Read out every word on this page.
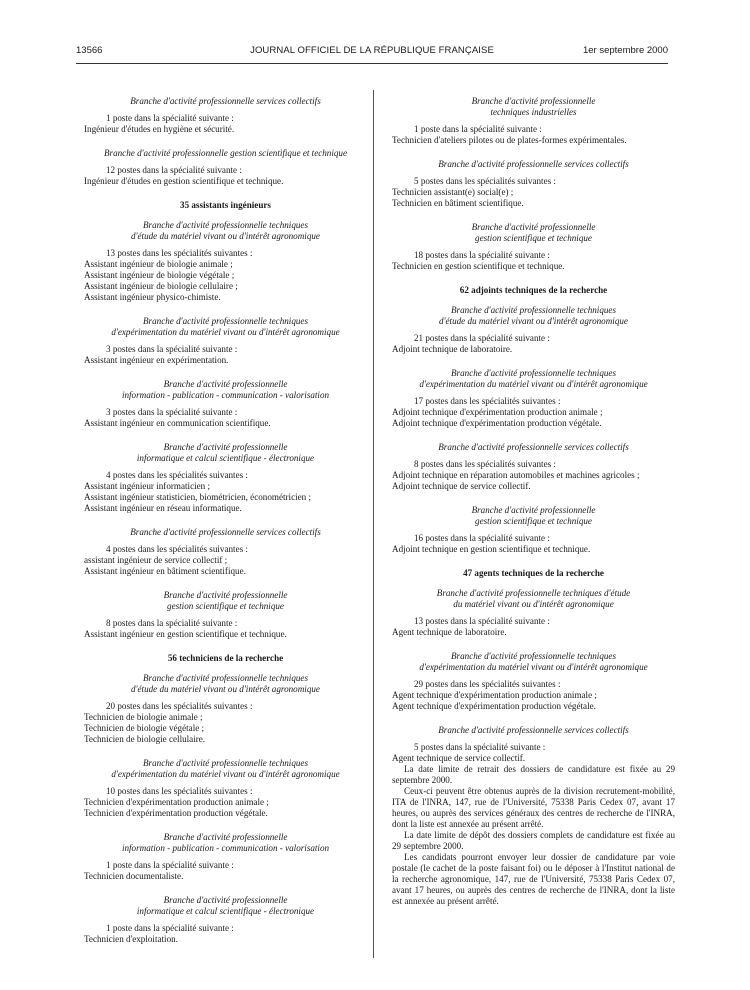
13566	JOURNAL OFFICIEL DE LA RÉPUBLIQUE FRANÇAISE	1er septembre 2000
Branche d'activité professionnelle services collectifs

1 poste dans la spécialité suivante :

Ingénieur d'études en hygiène et sécurité.

Branche d'activité professionnelle gestion scientifique et technique

12 postes dans la spécialité suivante :

Ingénieur d'études en gestion scientifique et technique.

35 assistants ingénieurs

Branche d'activité professionnelle techniques
d'étude du matériel vivant ou d'intérêt agronomique

13 postes dans les spécialités suivantes :

Assistant ingénieur de biologie animale ;

Assistant ingénieur de biologie végétale ;

Assistant ingénieur de biologie cellulaire ;

Assistant ingénieur physico-chimiste.

Branche d'activité professionnelle techniques
d'expérimentation du matériel vivant ou d'intérêt agronomique

3 postes dans la spécialité suivante :

Assistant ingénieur en expérimentation.

Branche d'activité professionnelle
information - publication - communication - valorisation

3 postes dans la spécialité suivante :

Assistant ingénieur en communication scientifique.

Branche d'activité professionnelle
informatique et calcul scientifique - électronique

4 postes dans les spécialités suivantes :

Assistant ingénieur informaticien ;

Assistant ingénieur statisticien, biométricien, économétricien ;

Assistant ingénieur en réseau informatique.

Branche d'activité professionnelle services collectifs

4 postes dans les spécialités suivantes :

assistant ingénieur de service collectif ;

Assistant ingénieur en bâtiment scientifique.

Branche d'activité professionnelle
gestion scientifique et technique

8 postes dans la spécialité suivante :

Assistant ingénieur en gestion scientifique et technique.

56 techniciens de la recherche

Branche d'activité professionnelle techniques
d'étude du matériel vivant ou d'intérêt agronomique

20 postes dans les spécialités suivantes :

Technicien de biologie animale ;

Technicien de biologie végétale ;

Technicien de biologie cellulaire.

Branche d'activité professionnelle techniques
d'expérimentation du matériel vivant ou d'intérêt agronomique

10 postes dans les spécialités suivantes :

Technicien d'expérimentation production animale ;

Technicien d'expérimentation production végétale.

Branche d'activité professionnelle
information - publication - communication - valorisation

1 poste dans la spécialité suivante :

Technicien documentaliste.

Branche d'activité professionnelle
informatique et calcul scientifique - électronique

1 poste dans la spécialité suivante :

Technicien d'exploitation.

Branche d'activité professionnelle
techniques industrielles

1 poste dans la spécialité suivante :

Technicien d'ateliers pilotes ou de plates-formes expérimentales.

Branche d'activité professionnelle services collectifs

5 postes dans les spécialités suivantes :

Technicien assistant(e) social(e) ;

Technicien en bâtiment scientifique.

Branche d'activité professionnelle
gestion scientifique et technique

18 postes dans la spécialité suivante :

Technicien en gestion scientifique et technique.

62 adjoints techniques de la recherche

Branche d'activité professionnelle techniques
d'étude du matériel vivant ou d'intérêt agronomique

21 postes dans la spécialité suivante :

Adjoint technique de laboratoire.

Branche d'activité professionnelle techniques
d'expérimentation du matériel vivant ou d'intérêt agronomique

17 postes dans les spécialités suivantes :

Adjoint technique d'expérimentation production animale ;

Adjoint technique d'expérimentation production végétale.

Branche d'activité professionnelle services collectifs

8 postes dans les spécialités suivantes :

Adjoint technique en réparation automobiles et machines agricoles ;

Adjoint technique de service collectif.

Branche d'activité professionnelle
gestion scientifique et technique

16 postes dans la spécialité suivante :

Adjoint technique en gestion scientifique et technique.

47 agents techniques de la recherche

Branche d'activité professionnelle techniques d'étude
du matériel vivant ou d'intérêt agronomique

13 postes dans la spécialité suivante :

Agent technique de laboratoire.

Branche d'activité professionnelle techniques
d'expérimentation du matériel vivant ou d'intérêt agronomique

29 postes dans les spécialités suivantes :

Agent technique d'expérimentation production animale ;

Agent technique d'expérimentation production végétale.

Branche d'activité professionnelle services collectifs

5 postes dans la spécialité suivante :

Agent technique de service collectif.

La date limite de retrait des dossiers de candidature est fixée au 29 septembre 2000.

Ceux-ci peuvent être obtenus auprès de la division recrutement-mobilité, ITA de l'INRA, 147, rue de l'Université, 75338 Paris Cedex 07, avant 17 heures, ou auprès des services généraux des centres de recherche de l'INRA, dont la liste est annexée au présent arrêté.

La date limite de dépôt des dossiers complets de candidature est fixée au 29 septembre 2000.

Les candidats pourront envoyer leur dossier de candidature par voie postale (le cachet de la poste faisant foi) ou le déposer à l'Institut national de la recherche agronomique, 147, rue de l'Université, 75338 Paris Cedex 07, avant 17 heures, ou auprès des centres de recherche de l'INRA, dont la liste est annexée au présent arrêté.
